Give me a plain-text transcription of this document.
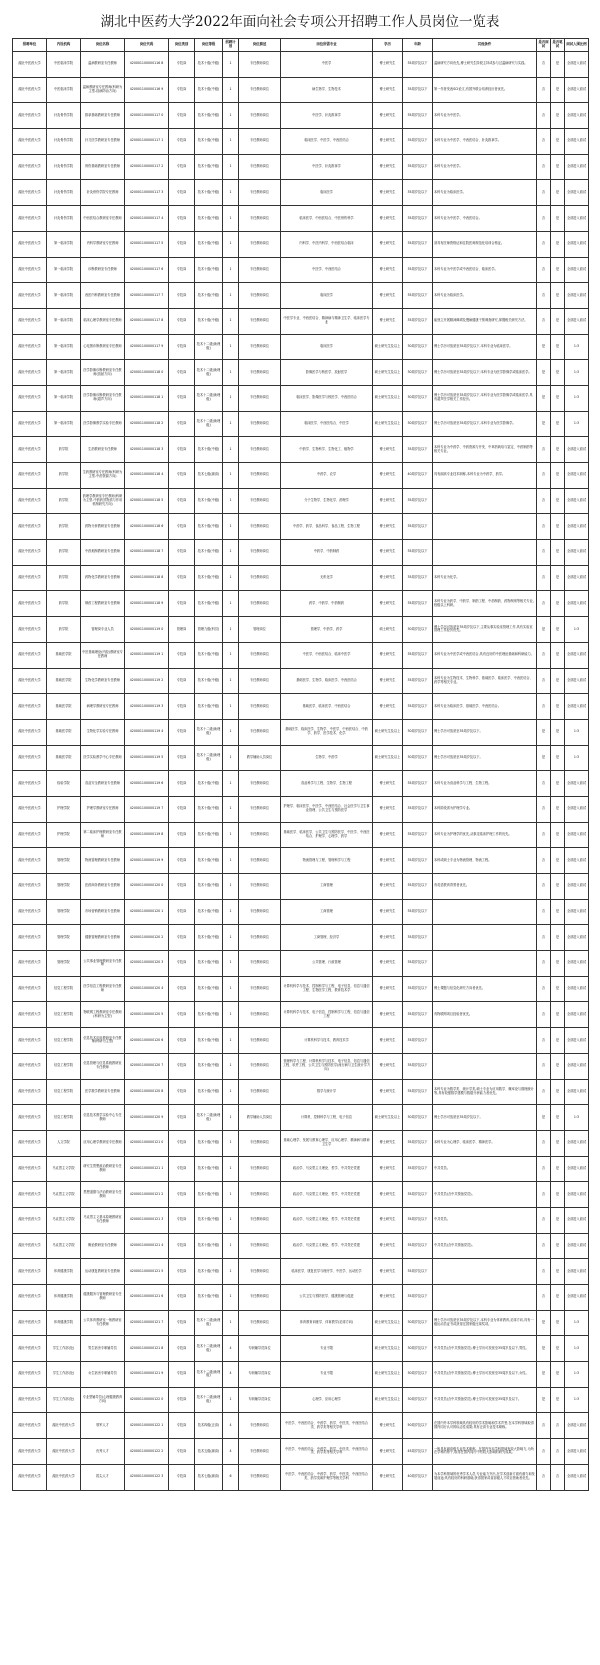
湖北中医药大学2022年面向社会专项公开招聘工作人员岗位一览表
招聘单位	内设机构	岗位名称	岗位代码	岗位类别	岗位等级	招聘计划	岗位描述	岗位所需专业	学历	年龄	其他条件	是否面试	是否笔试	面试入围比例
湖北中医药大学	中医临床学院	温病教研室专任教师	420001100000116 8	专技岗	技术十级(中级)	1	专任教师岗位	中医学	博士研究生	35周岁及以下	温病研究方向优先,博士研究生阶段主持或参与过温病研究与实践。	否	是	全部进入面试
湖北中医药大学	中医临床学院	温病教研室专任教师(科研为主型-疫病防治方向)	420001100000116 9	专技岗	技术十级(中级)	1	专任教师岗位	病生物学、生物技术	博士研究生	35周岁及以下	第一作者发表SCI论文,有国外联合培养经历者优先。	否	是	全部进入面试
湖北中医药大学	针灸骨伤学院	推拿基础教研室专任教师	420001100000117 0	专技岗	技术十级(中级)	1	专任教师岗位	中医学、针灸推拿学	博士研究生	35周岁及以下	本科专业为中医学。	否	是	全部进入面试
湖北中医药大学	针灸骨伤学院	针刀医学教研室专任教师	420001100000117 1	专技岗	技术十级(中级)	1	专任教师岗位	临床医学、中医学、中西医结合	博士研究生	35周岁及以下	本科专业为中医学、中西医结合、针灸推拿学。	否	是	全部进入面试
湖北中医药大学	针灸骨伤学院	骨伤基础教研室专任教师	420001100000117 2	专技岗	技术十级(中级)	1	专任教师岗位	中医学、针灸推拿学	博士研究生	35周岁及以下	本科专业为中医学。	否	是	全部进入面试
湖北中医药大学	针灸骨伤学院	针灸骨伤学院专任教师	420001100000117 3	专技岗	技术十级(中级)	1	专任教师岗位	临床医学	博士研究生	35周岁及以下	本科专业为临床医学。	否	是	全部进入面试
湖北中医药大学	针灸骨伤学院	中西医结合教研室专任教师	420001100000117 4	专技岗	技术十级(中级)	1	专任教师岗位	临床医学、中西医结合、中医骨伤科学	博士研究生	35周岁及以下	本科专业为中医学、中西医结合。	否	是	全部进入面试
湖北中医药大学	第一临床学院	内科学教研室专任教师	420001100000117 5	专技岗	技术十级(中级)	1	专任教师岗位	内科学、中医内科学、中西医结合临床	博士研究生	35周岁及以下	须具有医师资格证和住院医师规范化培训合格证。	否	是	全部进入面试
湖北中医药大学	第一临床学院	诊断教研室专任教师	420001100000117 6	专技岗	技术十级(中级)	1	专任教师岗位	中医学、中西医结合	博士研究生	35周岁及以下	本科专业为中医学或中西医结合、临床医学。	否	是	全部进入面试
湖北中医药大学	第一临床学院	西医内科教研室专任教师	420001100000117 7	专技岗	技术十级(中级)	1	专任教师岗位	临床医学	博士研究生	35周岁及以下	本科专业为临床医学。	否	是	全部进入面试
湖北中医药大学	第一临床学院	临床心理学教研室专任教师	420001100000117 8	专技岗	技术十级(中级)	1	专任教师岗位	中医学专业、中西医结合、精神病与精神卫生学、临床医学专业	博士研究生	35周岁及以下	能独立开展精神障碍及慢病健康干预调查研究,掌握相关研究方法。	否	是	全部进入面试
湖北中医药大学	第一临床学院	心电图诊断教研室专任教师	420001100000117 9	专技岗	技术十二级(助理级)	1	专任教师岗位	临床医学	硕士研究生及以上	30周岁及以下	博士学历可放宽至35周岁及以下,本科专业为临床医学。	是	是	1:3
湖北中医药大学	第一临床学院	医学影像诊断教研室专任教师(放射方向)	420001100000118 0	专技岗	技术十二级(助理级)	1	专任教师岗位	影像医学与核医学、放射医学	硕士研究生及以上	30周岁及以下	博士学历可放宽至35周岁及以下;本科专业为医学影像学或临床医学。	是	是	1:3
湖北中医药大学	第一临床学院	医学影像诊断教研室专任教师(超声方向)	420001100000118 1	专技岗	技术十二级(助理级)	1	专任教师岗位	临床医学、影像医学与核医学、中西医结合	硕士研究生及以上	30周岁及以下	博士学历可放宽至35周岁及以下,本科专业为医学影像学或临床医学,具有超声医学相关工作经历。	是	是	1:3
湖北中医药大学	第一临床学院	医学影像教学实验专任教师	420001100000118 2	专技岗	技术十二级(助理级)	1	专任教师岗位	临床医学、中西医结合、中医学	硕士研究生及以上	30周岁及以下	博士学历可放宽至35周岁及以下,本科专业为医学影像学。	是	是	1:3
湖北中医药大学	药学院	生药教研室专任教师	420001100000118 3	专技岗	技术十级(中级)	1	专任教师岗位	中药学、生物科学、生物化工、植物学	博士研究生	35周岁及以下	本科专业为中药学、中药资源与开发、中草药栽培与鉴定、中药制药等相关专业。	否	是	全部进入面试
湖北中医药大学	药学院	生药教研室专任教师(科研为主型-中药资源方向)	420001100000118 4	专技岗	技术七级(副高)	1	专任教师岗位	中药学、农学	博士研究生	40周岁及以下	具有副高专业技术职称,本科专业为中药学、药学。	否	是	全部进入面试
湖北中医药大学	药学院	药理学教研室专任教师(科研为主型-中药药效物质与作用机制研究方向)	420001100000118 5	专技岗	技术十级(中级)	1	专任教师岗位	分子生物学、生物化学、药理学	博士研究生	35周岁及以下		否	是	全部进入面试
湖北中医药大学	药学院	药物分析教研室专任教师	420001100000118 6	专技岗	技术十级(中级)	1	专任教师岗位	中药学、药学、食品科学、食品工程、生物工程	博士研究生	35周岁及以下		否	是	全部进入面试
湖北中医药大学	药学院	中药炮制教研室专任教师	420001100000118 7	专技岗	技术十级(中级)	1	专任教师岗位	中药学、中药制药	博士研究生	35周岁及以下		否	是	全部进入面试
湖北中医药大学	药学院	药物化学教研室专任教师	420001100000118 8	专技岗	技术十级(中级)	1	专任教师岗位	无机化学	博士研究生	35周岁及以下	本科专业为化学。	否	是	全部进入面试
湖北中医药大学	药学院	制药工程教研室专任教师	420001100000118 9	专技岗	技术十级(中级)	1	专任教师岗位	药学、中药学、中药制药	博士研究生	35周岁及以下	本科专业为药学、中药学、制药工程、中药制药、药物制剂等相关专业,校级以上科研。	否	是	全部进入面试
湖北中医药大学	药学院	管理岗专业人员	420001100000119 0	管理岗	管理九级(科员)	1	管理岗位	管理学、中药学、药学	硕士研究生	30周岁及以下	博士学历可放宽至35周岁及以下,主要从事实验室管理工作,具有实验室管理工作经历优先。	是	是	1:3
湖北中医药大学	基础医学院	中医基础理论(内经)教研室专任教师	420001100000119 1	专技岗	技术十级(中级)	1	专任教师岗位	中医学、中西医结合、临床中医学	博士研究生	35周岁及以下	本科专业为中医学或中西医结合,具有良好的中医理论基础和科研能力。	否	是	全部进入面试
湖北中医药大学	基础医学院	生物化学教研室专任教师	420001100000119 2	专技岗	技术十级(中级)	1	专任教师岗位	基础医学、生物学、临床医学、中西医结合	博士研究生	35周岁及以下	本科专业为生物技术、生物科学、基础医学、临床医学、中西医结合、药学等相关专业。	否	是	全部进入面试
湖北中医药大学	基础医学院	病理学教研室专任教师	420001100000119 3	专技岗	技术十级(中级)	1	专任教师岗位	基础医学、临床医学、中西医结合	博士研究生	35周岁及以下	本科专业为临床医学、基础医学、中西医结合。	否	是	全部进入面试
湖北中医药大学	基础医学院	生物化学实验专任教师	420001100000119 4	专技岗	技术十二级(助理级)	1	专任教师岗位	基础医学、临床医学、生物学、中医学、中西医结合、中药学、药学、医学技术、化学	硕士研究生及以上	30周岁及以下	博士学历可放宽至35周岁及以下。	是	是	1:3
湖北中医药大学	基础医学院	医学实验教学中心专任教师	420001100000119 5	专技岗	技术十二级(助理级)	1	教学辅助人员岗位	生物学、中药学	硕士研究生及以上	30周岁及以下	博士学历可放宽至35周岁及以下。	是	是	1:3
湖北中医药大学	检验学院	食品安全教研室专任教师	420001100000119 6	专技岗	技术十级(中级)	1	专任教师岗位	食品科学与工程、生物学、生物工程	博士研究生	35周岁及以下	本科专业为食品科学与工程、生物工程。	否	是	全部进入面试
湖北中医药大学	护理学院	护理学教研室专任教师	420001100000119 7	专技岗	技术十级(中级)	1	专任教师岗位	护理学、临床医学、中医学、中西医结合、社会医学与卫生事业管理、公共卫生与预防医学	博士研究生	35周岁及以下	本科阶段须为护理学专业。	否	是	全部进入面试
湖北中医药大学	护理学院	第二临床护理教研室专任教师	420001100000119 8	专技岗	技术十级(中级)	1	专任教师岗位	基础医学、临床医学、公共卫生与预防医学、中医学、中西医结合、护理学、心理学、药学	博士研究生	35周岁及以下	本科专业为护理学的优先,从事过临床护理工作的优先。	否	是	全部进入面试
湖北中医药大学	管理学院	物流管理教研室专任教师	420001100000119 9	专技岗	技术十级(中级)	1	专任教师岗位	物流管理与工程、管理科学与工程	博士研究生	35周岁及以下	本科或硕士专业为物流管理、物流工程。	否	是	全部进入面试
湖北中医药大学	管理学院	医药商务教研室专任教师	420001100000120 0	专技岗	技术十级(中级)	1	专任教师岗位	工商管理	博士研究生	35周岁及以下	有英语教育背景者优先。	否	是	全部进入面试
湖北中医药大学	管理学院	市场营销教研室专任教师	420001100000120 1	专技岗	技术十级(中级)	1	专任教师岗位	工商管理	博士研究生	35周岁及以下		否	是	全部进入面试
湖北中医药大学	管理学院	健康管理教研室专任教师	420001100000120 2	专技岗	技术十级(中级)	1	专任教师岗位	工商管理、经济学	博士研究生	35周岁及以下		否	是	全部进入面试
湖北中医药大学	管理学院	公共事业管理教研室专任教师	420001100000120 3	专技岗	技术十级(中级)	1	专任教师岗位	公共管理、行政管理	博士研究生	35周岁及以下		否	是	全部进入面试
湖北中医药大学	信息工程学院	医学信息工程教研室专任教师	420001100000120 4	专技岗	技术十级(中级)	1	专任教师岗位	计算机科学与技术、控制科学与工程、电子信息、信息与通信工程、生物医学工程、教育技术学	博士研究生	35周岁及以下	博士课题与信息化研究方向者优先。	否	是	全部进入面试
湖北中医药大学	信息工程学院	物联网工程教研室专任教师(科研为主型)	420001100000120 5	专技岗	技术十级(中级)	1	专任教师岗位	计算机科学与技术、电子信息、控制科学与工程、信息与通信工程	博士研究生	35周岁及以下	有物联网项目经验者优先。	否	是	全部进入面试
湖北中医药大学	信息工程学院	信息技术应用教研室专任教师(科研为主型)	420001100000120 6	专技岗	技术十级(中级)	1	专任教师岗位	计算机科学与技术、教育技术学	博士研究生	35周岁及以下		否	是	全部进入面试
湖北中医药大学	信息工程学院	信息管理与信息系统教研室专任教师	420001100000120 7	专技岗	技术十级(中级)	1	专任教师岗位	管理科学与工程、计算机科学与技术、电子信息、信息与通信工程、软件工程、公共卫生与预防医学(流行病与卫生统计学方向)	博士研究生	35周岁及以下		否	是	全部进入面试
湖北中医药大学	信息工程学院	医学数学教研室专任教师	420001100000120 8	专技岗	技术十级(中级)	1	专任教师岗位	数学与统计学	博士研究生	35周岁及以下	本科专业为数学类、统计学类,硕士专业为应用数学、概率论与数理统计等,具有较强数学建模与数据分析能力者优先。	否	是	全部进入面试
湖北中医药大学	信息工程学院	信息技术教学实验中心专任教师	420001100000120 9	专技岗	技术十二级(助理级)	1	教学辅助人员岗位	计算机、控制科学与工程、电子信息	硕士研究生及以上	30周岁及以下	博士学历可放宽至35周岁及以下。	是	是	1:3
湖北中医药大学	人文学院	应用心理学教研室专任教师	420001100000121 0	专技岗	技术十级(中级)	1	专任教师岗位	基础心理学、发展与教育心理学、应用心理学、精神病与精神卫生学	博士研究生	35周岁及以下	本科专业为心理学、临床医学、精神医学。	否	是	全部进入面试
湖北中医药大学	马克思主义学院	研究生思想政治教研室专任教师	420001100000121 1	专技岗	技术十级(中级)	1	专任教师岗位	政治学、马克思主义理论、哲学、中共党史党建	博士研究生	35周岁及以下	中共党员。	否	是	全部进入面试
湖北中医药大学	马克思主义学院	思想道德与法治教研室专任教师	420001100000121 2	专技岗	技术十级(中级)	1	专任教师岗位	政治学、马克思主义理论、哲学、中共党史党建	博士研究生	35周岁及以下	中共党员(含中共预备党员)。	否	是	全部进入面试
湖北中医药大学	马克思主义学院	马克思主义基本原理教研室专任教师	420001100000121 3	专技岗	技术十级(中级)	1	专任教师岗位	政治学、马克思主义理论、哲学、中共党史党建	博士研究生	35周岁及以下	中共党员。	否	是	全部进入面试
湖北中医药大学	马克思主义学院	概论教研室专任教师	420001100000121 4	专技岗	技术十级(中级)	1	专任教师岗位	政治学、马克思主义理论、哲学、中共党史党建	博士研究生	35周岁及以下	中共党员(含中共预备党员)。	否	是	全部进入面试
湖北中医药大学	体育健康学院	运动康复教研室专任教师	420001100000121 5	专技岗	技术十级(中级)	1	专任教师岗位	临床医学、康复医学与理疗学、中医学、运动医学	博士研究生	35周岁及以下		否	是	全部进入面试
湖北中医药大学	体育健康学院	健康服务与管理教研室专任教师	420001100000121 6	专技岗	技术十级(中级)	1	专任教师岗位	公共卫生与预防医学、健康管理与促进	博士研究生	35周岁及以下		否	是	全部进入面试
湖北中医药大学	体育健康学院	公共体育教研室一般教研室专任教师	420001100000121 7	专技岗	技术十二级(助理级)	1	专任教师岗位	体育教育训练学、体育教学(足球方向)	硕士研究生及以上	30周岁及以下	博士学历可放宽至35周岁及以下,本科专业为体育教育,足球方向,具有一级运动员证书或获得过国家级比赛奖项。	是	是	1:3
湖北中医药大学	学生工作部(处)	男生宿舍专职辅导员	420001100000121 8	专技岗	技术十二级(助理级)	4	专职辅导员岗位	专业不限	硕士研究生及以上	30周岁及以下	中共党员(含中共预备党员),博士学历可放宽至35周岁及以下,男性。	是	是	1:3
湖北中医药大学	学生工作部(处)	女生宿舍专职辅导员	420001100000121 9	专技岗	技术十二级(助理级)	4	专职辅导员岗位	专业不限	硕士研究生及以上	30周岁及以下	中共党员(含中共预备党员),博士学历可放宽至35周岁及以下,女性。	是	是	1:3
湖北中医药大学	学生工作部(处)	专业型辅导员(心理健康教育方向)	420001100000122 0	专技岗	技术十二级(助理级)	1	专职辅导员岗位	心理学、应用心理学	硕士研究生及以上	30周岁及以下	中共党员(含中共预备党员),博士学历可放宽至35周岁及以下。	是	是	1:3
湖北中医药大学	湖北中医药大学	领军人才	420001100000122 1	专技岗	技术四级(正高)	4	专任教师岗位	中医学、中西医结合、中药学、药学、中医类、中西医结合类、药学类等相关学科	博士研究生	50周岁及以下	在国内外本学科领域具有较好的学术影响和学术声誉,在本学科领域取得国内同行认可的标志性成果;具有正高专业技术职称。	否	否	全部进入面试
湖北中医药大学	湖北中医药大学	优秀人才	420001100000122 2	专技岗	技术五级(副高)	4	专任教师岗位	中医学、中西医结合、中药学、药学、中医类、中西医结合类、药学类等相关学科	博士研究生	45周岁及以下	一般具有副高级专业技术职称。在国内外本学科领域有较大影响力,为所在学科的骨干,取得在国内同行中有较大影响的研究成果。	否	否	全部进入面试
湖北中医药大学	湖北中医药大学	拔尖人才	420001100000122 3	专技岗	技术七级(副高)	6	专任教师岗位	中医学、中西医结合、中药学、药学、中医类、中西医结合类、药学类和护理学等相关学科	博士研究生	40周岁及以下	为本学科领域的优秀学术人员,专业能力突出,在学术创新方面有潜力和发展前途;具有较好的科研基础;获得国家或省部级人才项目资助者优先。	否	否	全部进入面试
